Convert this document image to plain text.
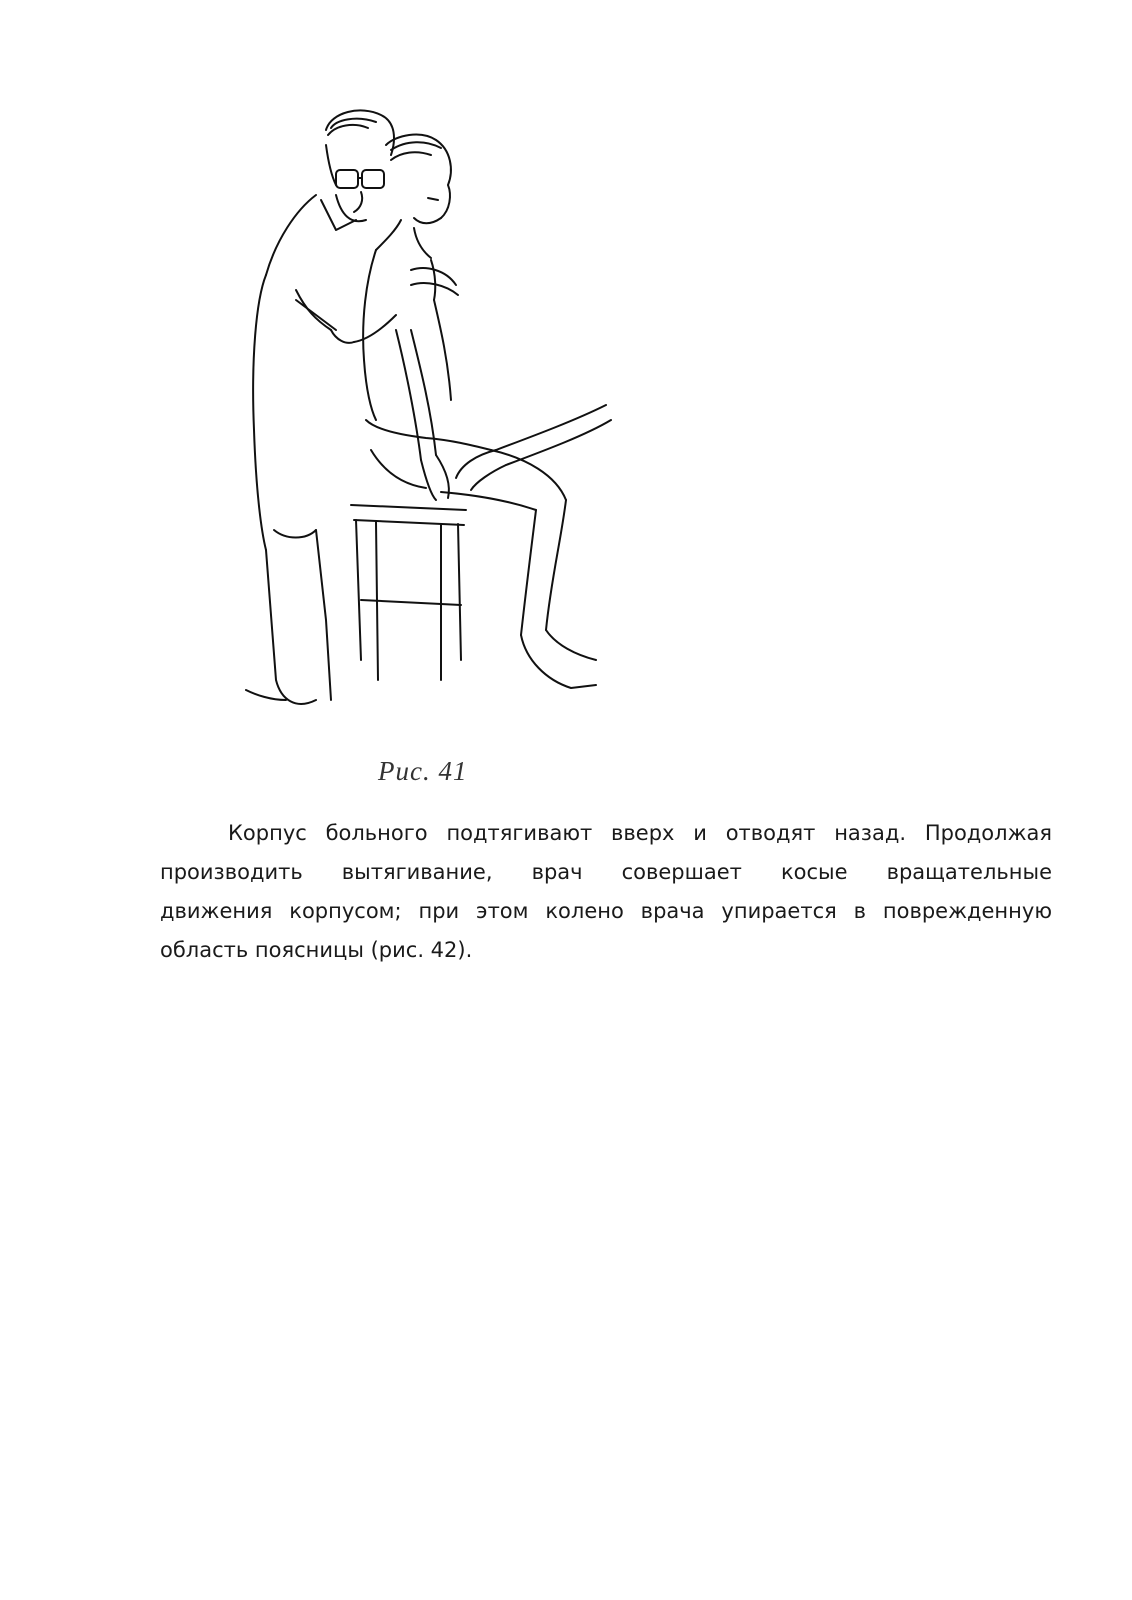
Рис. 41
Корпус больного подтягивают вверх и отводят назад. Продолжая
производить вытягивание, врач совершает косые вращательные
движения корпусом; при этом колено врача упирается в поврежденную
область поясницы (рис. 42).
